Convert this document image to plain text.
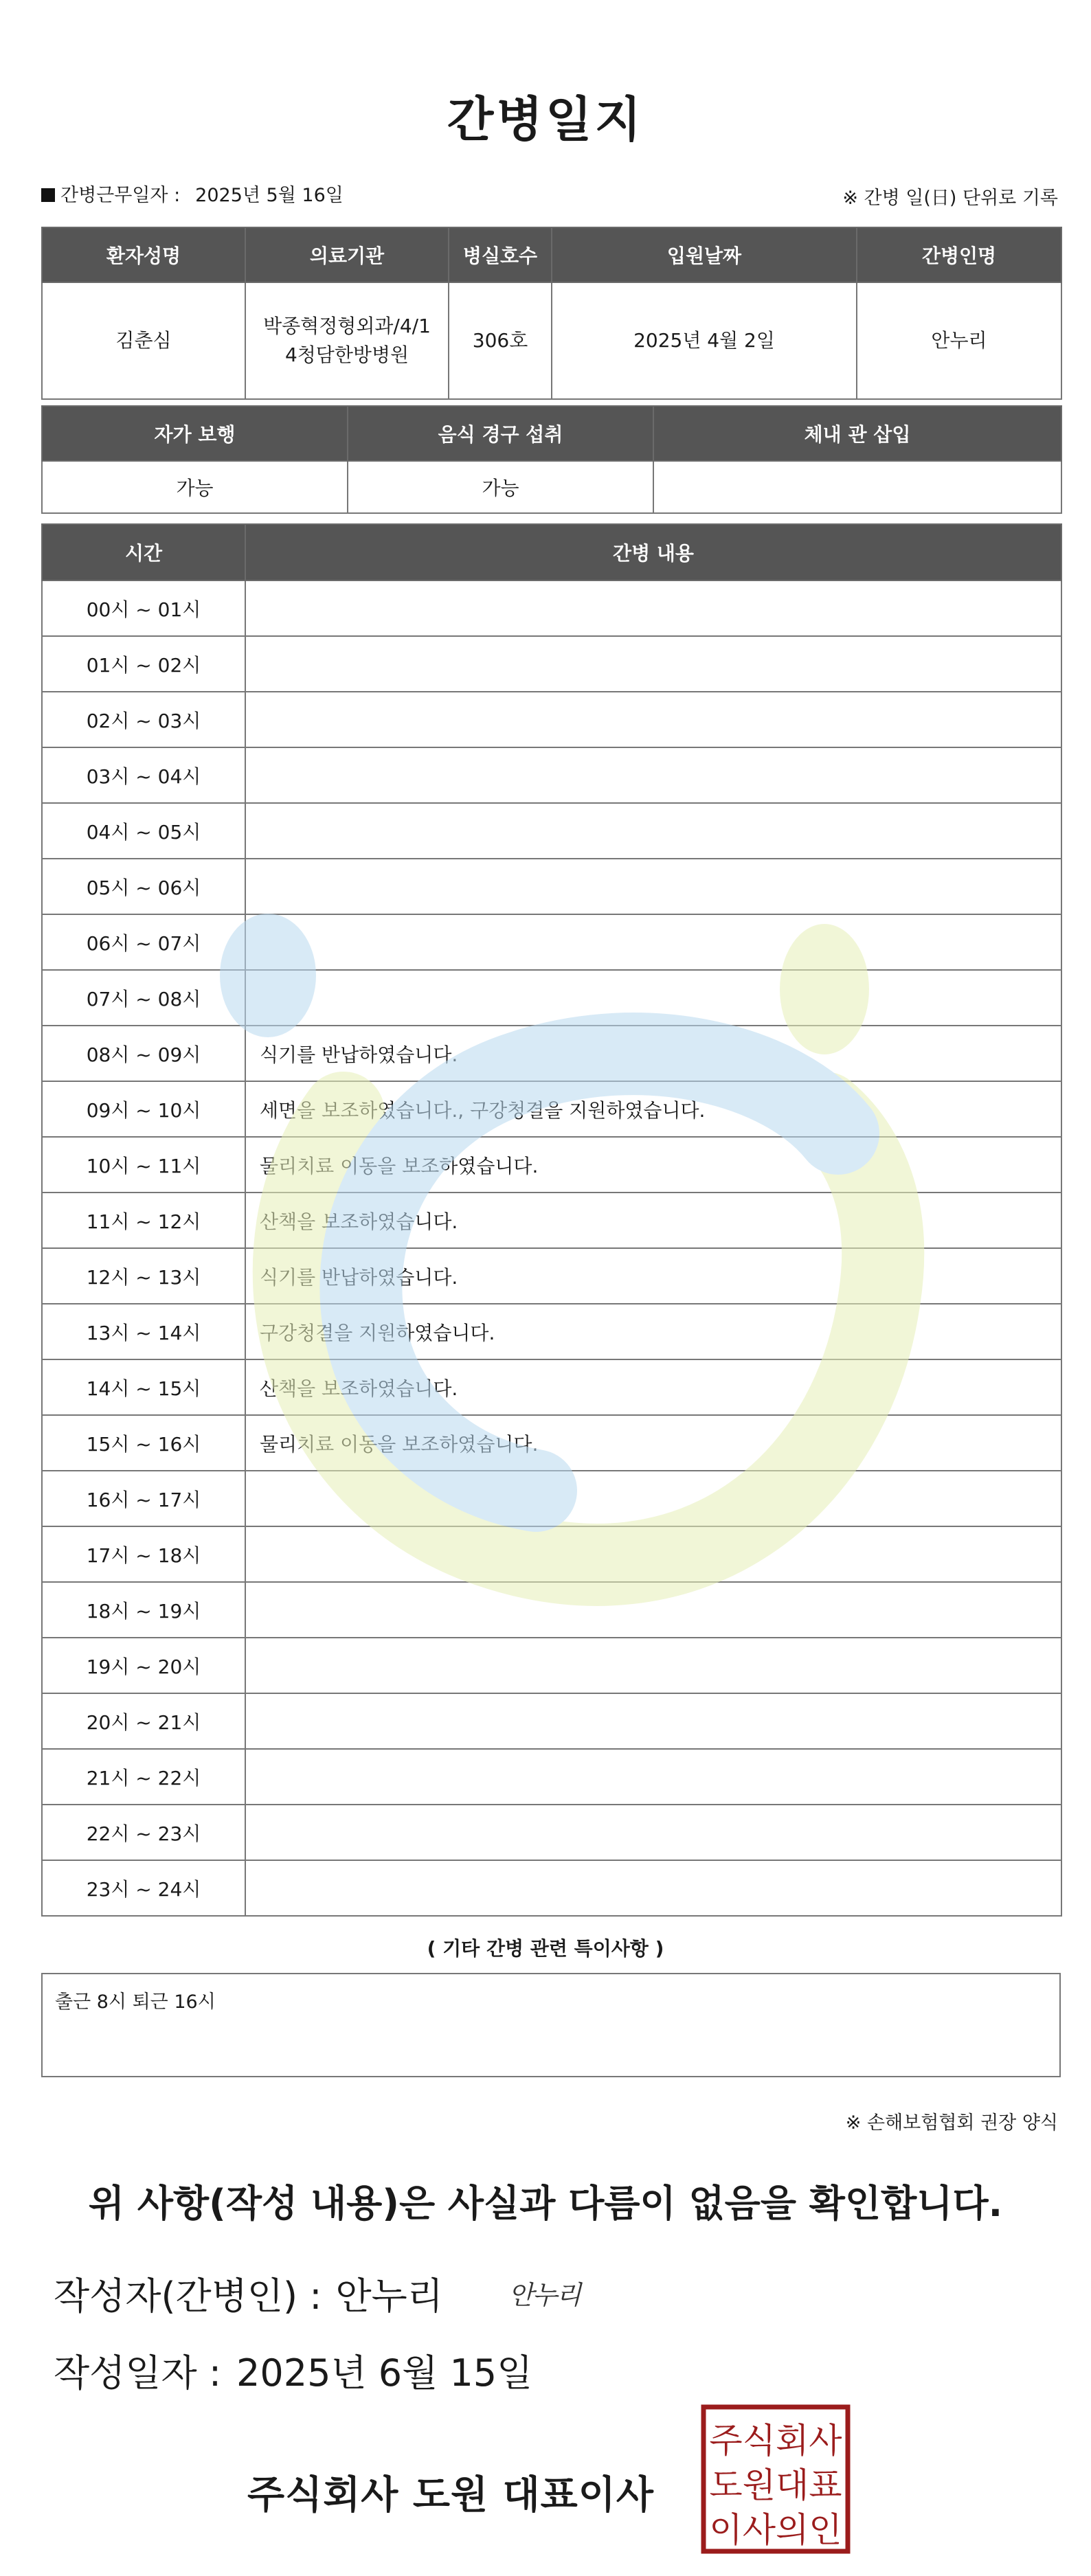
간병일지
간병근무일자 : 2025년 5월 16일	※ 간병 일(日) 단위로 기록
환자성명	의료기관	병실호수	입원날짜	간병인명
김춘심	박종혁정형외과/4/14청담한방병원	306호	2025년 4월 2일	안누리
자가 보행	음식 경구 섭취	체내 관 삽입
가능	가능	
시간	간병 내용
00시 ~ 01시	
01시 ~ 02시	
02시 ~ 03시	
03시 ~ 04시	
04시 ~ 05시	
05시 ~ 06시	
06시 ~ 07시	
07시 ~ 08시	
08시 ~ 09시	식기를 반납하였습니다.
09시 ~ 10시	세면을 보조하였습니다., 구강청결을 지원하였습니다.
10시 ~ 11시	물리치료 이동을 보조하였습니다.
11시 ~ 12시	산책을 보조하였습니다.
12시 ~ 13시	식기를 반납하였습니다.
13시 ~ 14시	구강청결을 지원하였습니다.
14시 ~ 15시	산책을 보조하였습니다.
15시 ~ 16시	물리치료 이동을 보조하였습니다.
16시 ~ 17시	
17시 ~ 18시	
18시 ~ 19시	
19시 ~ 20시	
20시 ~ 21시	
21시 ~ 22시	
22시 ~ 23시	
23시 ~ 24시	
( 기타 간병 관련 특이사항 )
출근 8시 퇴근 16시
※ 손해보험협회 권장 양식
위 사항(작성 내용)은 사실과 다름이 없음을 확인합니다.
작성자(간병인) : 안누리	안누리
작성일자 : 2025년 6월 15일
주식회사 도원 대표이사
주식회사
도원대표
이사의인
